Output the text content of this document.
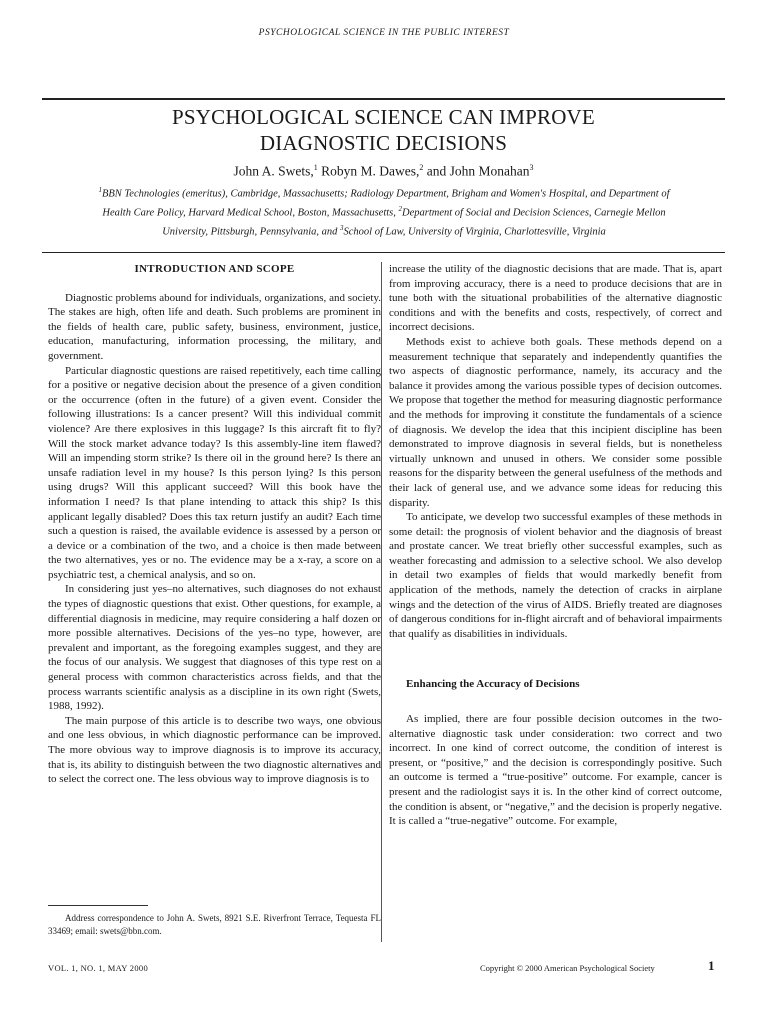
PSYCHOLOGICAL SCIENCE IN THE PUBLIC INTEREST
PSYCHOLOGICAL SCIENCE CAN IMPROVE
DIAGNOSTIC DECISIONS
John A. Swets,$^1$ Robyn M. Dawes,$^2$ and John Monahan$^3$
$^1$BBN Technologies (emeritus), Cambridge, Massachusetts; Radiology Department, Brigham and Women's Hospital, and Department of Health Care Policy, Harvard Medical School, Boston, Massachusetts, $^2$Department of Social and Decision Sciences, Carnegie Mellon University, Pittsburgh, Pennsylvania, and $^3$School of Law, University of Virginia, Charlottesville, Virginia
INTRODUCTION AND SCOPE

Diagnostic problems abound for individuals, organizations, and society. The stakes are high, often life and death. Such problems are prominent in the fields of health care, public safety, business, environment, justice, education, manufacturing, information processing, the military, and government.

Particular diagnostic questions are raised repetitively, each time calling for a positive or negative decision about the presence of a given condition or the occurrence (often in the future) of a given event. Consider the following illustrations: Is a cancer present? Will this individual commit violence? Are there explosives in this luggage? Is this aircraft fit to fly? Will the stock market advance today? Is this assembly-line item flawed? Will an impending storm strike? Is there oil in the ground here? Is there an unsafe radiation level in my house? Is this person lying? Is this person using drugs? Will this applicant succeed? Will this book have the information I need? Is that plane intending to attack this ship? Is this applicant legally disabled? Does this tax return justify an audit? Each time such a question is raised, the available evidence is assessed by a person or a device or a combination of the two, and a choice is then made between the two alternatives, yes or no. The evidence may be a x-ray, a score on a psychiatric test, a chemical analysis, and so on.

In considering just yes–no alternatives, such diagnoses do not exhaust the types of diagnostic questions that exist. Other questions, for example, a differential diagnosis in medicine, may require considering a half dozen or more possible alternatives. Decisions of the yes–no type, however, are prevalent and important, as the foregoing examples suggest, and they are the focus of our analysis. We suggest that diagnoses of this type rest on a general process with common characteristics across fields, and that the process warrants scientific analysis as a discipline in its own right (Swets, 1988, 1992).

The main purpose of this article is to describe two ways, one obvious and one less obvious, in which diagnostic performance can be improved. The more obvious way to improve diagnosis is to improve its accuracy, that is, its ability to distinguish between the two diagnostic alternatives and to select the correct one. The less obvious way to improve diagnosis is to

increase the utility of the diagnostic decisions that are made. That is, apart from improving accuracy, there is a need to produce decisions that are in tune both with the situational probabilities of the alternative diagnostic conditions and with the benefits and costs, respectively, of correct and incorrect decisions.

Methods exist to achieve both goals. These methods depend on a measurement technique that separately and independently quantifies the two aspects of diagnostic performance, namely, its accuracy and the balance it provides among the various possible types of decision outcomes. We propose that together the method for measuring diagnostic performance and the methods for improving it constitute the fundamentals of a science of diagnosis. We develop the idea that this incipient discipline has been demonstrated to improve diagnosis in several fields, but is nonetheless virtually unknown and unused in others. We consider some possible reasons for the disparity between the general usefulness of the methods and their lack of general use, and we advance some ideas for reducing this disparity.

To anticipate, we develop two successful examples of these methods in some detail: the prognosis of violent behavior and the diagnosis of breast and prostate cancer. We treat briefly other successful examples, such as weather forecasting and admission to a selective school. We also develop in detail two examples of fields that would markedly benefit from application of the methods, namely the detection of cracks in airplane wings and the detection of the virus of AIDS. Briefly treated are diagnoses of dangerous conditions for in-flight aircraft and of behavioral impairments that qualify as disabilities in individuals.

Enhancing the Accuracy of Decisions

As implied, there are four possible decision outcomes in the two-alternative diagnostic task under consideration: two correct and two incorrect. In one kind of correct outcome, the condition of interest is present, or “positive,” and the decision is correspondingly positive. Such an outcome is termed a “true-positive” outcome. For example, cancer is present and the radiologist says it is. In the other kind of correct outcome, the condition is absent, or “negative,” and the decision is properly negative. It is called a “true-negative” outcome. For example,

Address correspondence to John A. Swets, 8921 S.E. Riverfront Terrace, Tequesta FL 33469; email: swets@bbn.com.
VOL. 1, NO. 1, MAY 2000	Copyright © 2000 American Psychological Society	1
